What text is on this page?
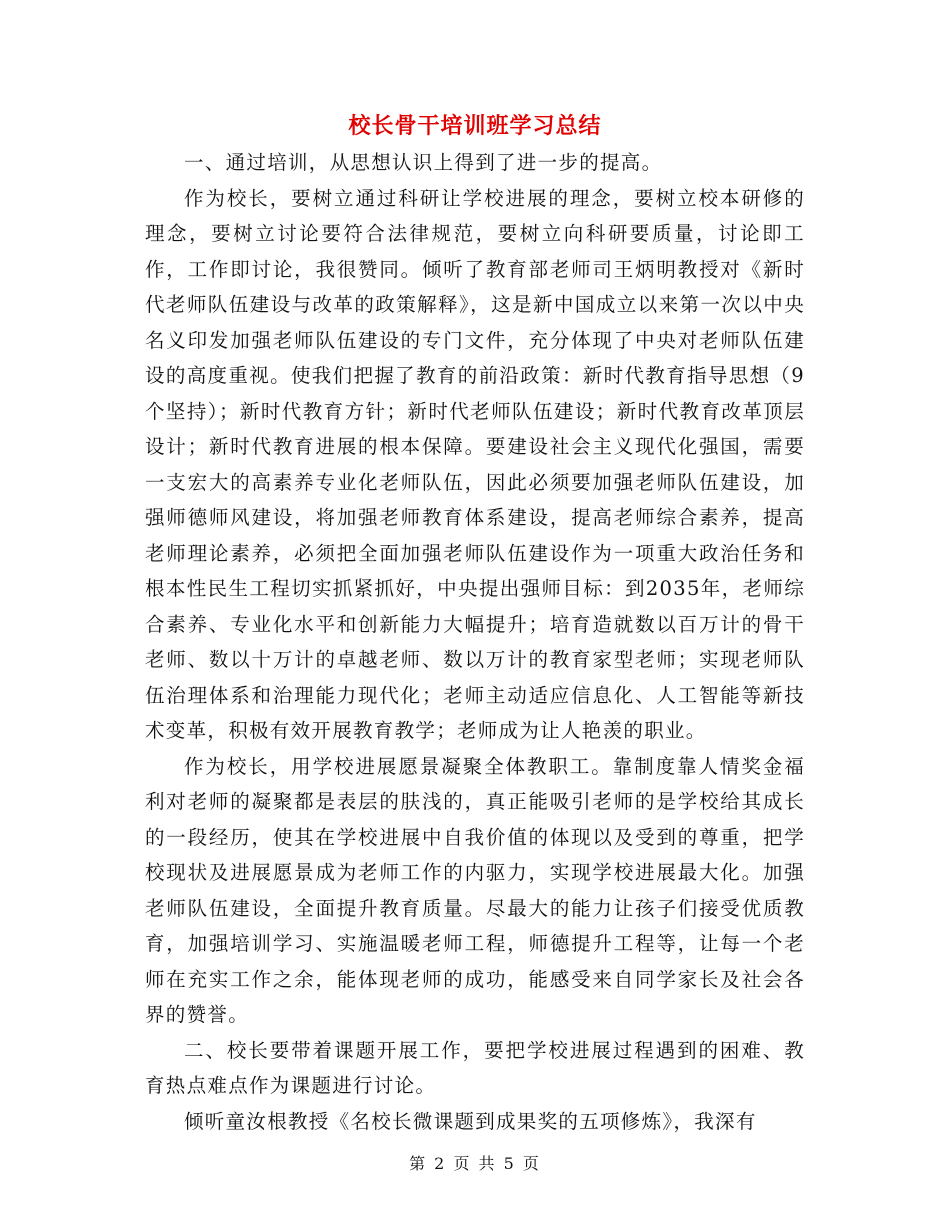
校长骨干培训班学习总结

一、通过培训，从思想认识上得到了进一步的提高。

作为校长，要树立通过科研让学校进展的理念，要树立校本研修的理念，要树立讨论要符合法律规范，要树立向科研要质量，讨论即工作，工作即讨论，我很赞同。倾听了教育部老师司王炳明教授对《新时代老师队伍建设与改革的政策解释》，这是新中国成立以来第一次以中央名义印发加强老师队伍建设的专门文件，充分体现了中央对老师队伍建设的高度重视。使我们把握了教育的前沿政策：新时代教育指导思想（9个坚持）；新时代教育方针；新时代老师队伍建设；新时代教育改革顶层设计；新时代教育进展的根本保障。要建设社会主义现代化强国，需要一支宏大的高素养专业化老师队伍，因此必须要加强老师队伍建设，加强师德师风建设，将加强老师教育体系建设，提高老师综合素养，提高老师理论素养，必须把全面加强老师队伍建设作为一项重大政治任务和根本性民生工程切实抓紧抓好，中央提出强师目标：到2035年，老师综合素养、专业化水平和创新能力大幅提升；培育造就数以百万计的骨干老师、数以十万计的卓越老师、数以万计的教育家型老师；实现老师队伍治理体系和治理能力现代化；老师主动适应信息化、人工智能等新技术变革，积极有效开展教育教学；老师成为让人艳羡的职业。

作为校长，用学校进展愿景凝聚全体教职工。靠制度靠人情奖金福利对老师的凝聚都是表层的肤浅的，真正能吸引老师的是学校给其成长的一段经历，使其在学校进展中自我价值的体现以及受到的尊重，把学校现状及进展愿景成为老师工作的内驱力，实现学校进展最大化。加强老师队伍建设，全面提升教育质量。尽最大的能力让孩子们接受优质教育，加强培训学习、实施温暖老师工程，师德提升工程等，让每一个老师在充实工作之余，能体现老师的成功，能感受来自同学家长及社会各界的赞誉。

二、校长要带着课题开展工作，要把学校进展过程遇到的困难、教育热点难点作为课题进行讨论。

倾听童汝根教授《名校长微课题到成果奖的五项修炼》，我深有

第 2 页 共 5 页
